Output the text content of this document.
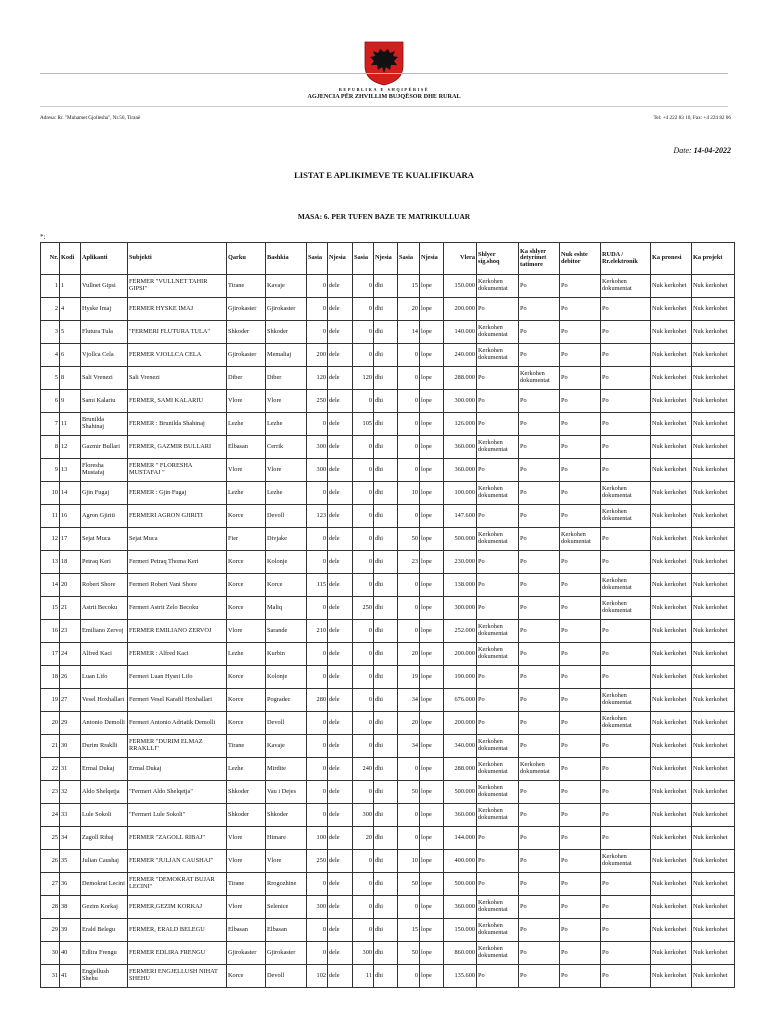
REPUBLIKA E SHQIPËRISË
AGJENCIA PËR ZHVILLIM BUJQËSOR DHE RURAL
Adresa: Rr. "Muhamet Gjollesha", Nr.56, Tiranë	Tel: +4 222 83 10, Fax: +4 224 82 06
Date: 14-04-2022
LISTAT E APLIKIMEVE TE KUALIFIKUARA
MASA: 6. PER TUFEN BAZE TE MATRIKULLUAR
*:
Nr.	Kodi	Aplikanti	Subjekti	Qarku	Bashkia	Sasia	Njesia	Sasia	Njesia	Sasia	Njesia	Vlera	Shlyer sig.shoq	Ka shlyer detyrimet tatimore	Nuk eshte debitor	RUDA / Rr.elektronik	Ka pronesi	Ka projekt
1	1	Vullnet Gipsi	FERMER "VULLNET TAHIR GIPSI"	Tirane	Kavaje	0	dele	0	dhi	15	lope	150.000	Kerkohen dokumentat	Po	Po	Kerkohen dokumentat	Nuk kerkohet	Nuk kerkohet
2	4	Hyske Imaj	FERMER HYSKE IMAJ	Gjirokaster	Gjirokaster	0	dele	0	dhi	20	lope	200.000	Po	Po	Po	Po	Nuk kerkohet	Nuk kerkohet
3	5	Flutura Tula	"FERMERI FLUTURA TULA"	Shkoder	Shkoder	0	dele	0	dhi	14	lope	140.000	Kerkohen dokumentat	Po	Po	Po	Nuk kerkohet	Nuk kerkohet
4	6	Vjollca Cela	FERMER VJOLLCA CELA	Gjirokaster	Memaliaj	200	dele	0	dhi	0	lope	240.000	Kerkohen dokumentat	Po	Po	Po	Nuk kerkohet	Nuk kerkohet
5	8	Sali Vrenezi	Sali Vrenezi	Diber	Diber	120	dele	120	dhi	0	lope	288.000	Po	Kerkohen dokumentat	Po	Po	Nuk kerkohet	Nuk kerkohet
6	9	Sami Kalariu	FERMER, SAMI KALARIU	Vlore	Vlore	250	dele	0	dhi	0	lope	300.000	Po	Po	Po	Po	Nuk kerkohet	Nuk kerkohet
7	11	Brunilda Shahinaj	FERMER : Brunilda Shahinaj	Lezhe	Lezhe	0	dele	105	dhi	0	lope	126.000	Po	Po	Po	Po	Nuk kerkohet	Nuk kerkohet
8	12	Gazmir Bullari	FERMER, GAZMIR BULLARI	Elbasan	Cerrik	300	dele	0	dhi	0	lope	360.000	Kerkohen dokumentat	Po	Po	Po	Nuk kerkohet	Nuk kerkohet
9	13	Floresha Mustafaj	FERMER " FLORESHA MUSTAFAJ "	Vlore	Vlore	300	dele	0	dhi	0	lope	360.000	Po	Po	Po	Po	Nuk kerkohet	Nuk kerkohet
10	14	Gjin Fugaj	FERMER : Gjin Fugaj	Lezhe	Lezhe	0	dele	0	dhi	10	lope	100.000	Kerkohen dokumentat	Po	Po	Kerkohen dokumentat	Nuk kerkohet	Nuk kerkohet
11	16	Agron Gjiriti	FERMERI AGRON GJIRITI	Korce	Devoll	123	dele	0	dhi	0	lope	147.600	Po	Po	Po	Kerkohen dokumentat	Nuk kerkohet	Nuk kerkohet
12	17	Sejat Muca	Sejat Muca	Fier	Divjake	0	dele	0	dhi	50	lope	500.000	Kerkohen dokumentat	Po	Kerkohen dokumentat	Po	Nuk kerkohet	Nuk kerkohet
13	18	Petraq Keri	Fermeri Petraq Thoma Keri	Korce	Kolonje	0	dele	0	dhi	23	lope	230.000	Po	Po	Po	Po	Nuk kerkohet	Nuk kerkohet
14	20	Robert Shore	Fermeri Robert Vani Shore	Korce	Korce	115	dele	0	dhi	0	lope	138.000	Po	Po	Po	Kerkohen dokumentat	Nuk kerkohet	Nuk kerkohet
15	21	Astrit Becoku	Fermeri Astrit Zelo Becoku	Korce	Maliq	0	dele	250	dhi	0	lope	300.000	Po	Po	Po	Kerkohen dokumentat	Nuk kerkohet	Nuk kerkohet
16	23	Emiliano Zervoj	FERMER EMILIANO ZERVOJ	Vlore	Sarande	210	dele	0	dhi	0	lope	252.000	Kerkohen dokumentat	Po	Po	Po	Nuk kerkohet	Nuk kerkohet
17	24	Alfred Kaci	FERMER : Alfred Kaci	Lezhe	Kurbin	0	dele	0	dhi	20	lope	200.000	Kerkohen dokumentat	Po	Po	Po	Nuk kerkohet	Nuk kerkohet
18	26	Luan Lifo	Fermeri Luan Hysni Lifo	Korce	Kolonje	0	dele	0	dhi	19	lope	190.000	Po	Po	Po	Po	Nuk kerkohet	Nuk kerkohet
19	27	Vesel Hoxhallari	Fermeri Vesel Karafil Hoxhallari	Korce	Pogradec	280	dele	0	dhi	34	lope	676.000	Po	Po	Po	Kerkohen dokumentat	Nuk kerkohet	Nuk kerkohet
20	29	Antonio Demolli	Fermeri Antonio Adriatik Demolli	Korce	Devoll	0	dele	0	dhi	20	lope	200.000	Po	Po	Po	Kerkohen dokumentat	Nuk kerkohet	Nuk kerkohet
21	30	Durim Rraklli	FERMER "DURIM ELMAZ RRAKLLI"	Tirane	Kavaje	0	dele	0	dhi	34	lope	340.000	Kerkohen dokumentat	Po	Po	Po	Nuk kerkohet	Nuk kerkohet
22	31	Ermal Dukaj	Ermal Dukaj	Lezhe	Mirdite	0	dele	240	dhi	0	lope	288.000	Kerkohen dokumentat	Kerkohen dokumentat	Po	Po	Nuk kerkohet	Nuk kerkohet
23	32	Aldo Shelqetja	"Fermeri Aldo Shelqetja"	Shkoder	Vau i Dejes	0	dele	0	dhi	50	lope	500.000	Kerkohen dokumentat	Po	Po	Po	Nuk kerkohet	Nuk kerkohet
24	33	Lule Sokoli	"Fermeri Lule Sokoli"	Shkoder	Shkoder	0	dele	300	dhi	0	lope	360.000	Kerkohen dokumentat	Po	Po	Po	Nuk kerkohet	Nuk kerkohet
25	34	Zagoll Ribaj	FERMER "ZAGOLL RIBAJ"	Vlore	Himare	100	dele	20	dhi	0	lope	144.000	Po	Po	Po	Po	Nuk kerkohet	Nuk kerkohet
26	35	Julian Caushaj	FERMER "JULJAN CAUSHAJ"	Vlore	Vlore	250	dele	0	dhi	10	lope	400.000	Po	Po	Po	Kerkohen dokumentat	Nuk kerkohet	Nuk kerkohet
27	36	Demokrat Lecini	FERMER "DEMOKRAT BUJAR LECINI"	Tirane	Rrogozhine	0	dele	0	dhi	50	lope	500.000	Po	Po	Po	Po	Nuk kerkohet	Nuk kerkohet
28	38	Gezim Korkaj	FERMER,GEZIM KORKAJ	Vlore	Selenice	300	dele	0	dhi	0	lope	360.000	Kerkohen dokumentat	Po	Po	Po	Nuk kerkohet	Nuk kerkohet
29	39	Erald Belegu	FERMER, ERALD BELEGU	Elbasan	Elbasan	0	dele	0	dhi	15	lope	150.000	Kerkohen dokumentat	Po	Po	Po	Nuk kerkohet	Nuk kerkohet
30	40	Edlira Frengu	FERMER EDLIRA FRENGU	Gjirokaster	Gjirokaster	0	dele	300	dhi	50	lope	860.000	Kerkohen dokumentat	Po	Po	Po	Nuk kerkohet	Nuk kerkohet
31	41	Engjellush Shehu	FERMERI ENGJELLUSH NIHAT SHEHU	Korce	Devoll	102	dele	11	dhi	0	lope	135.600	Po	Po	Po	Po	Nuk kerkohet	Nuk kerkohet
